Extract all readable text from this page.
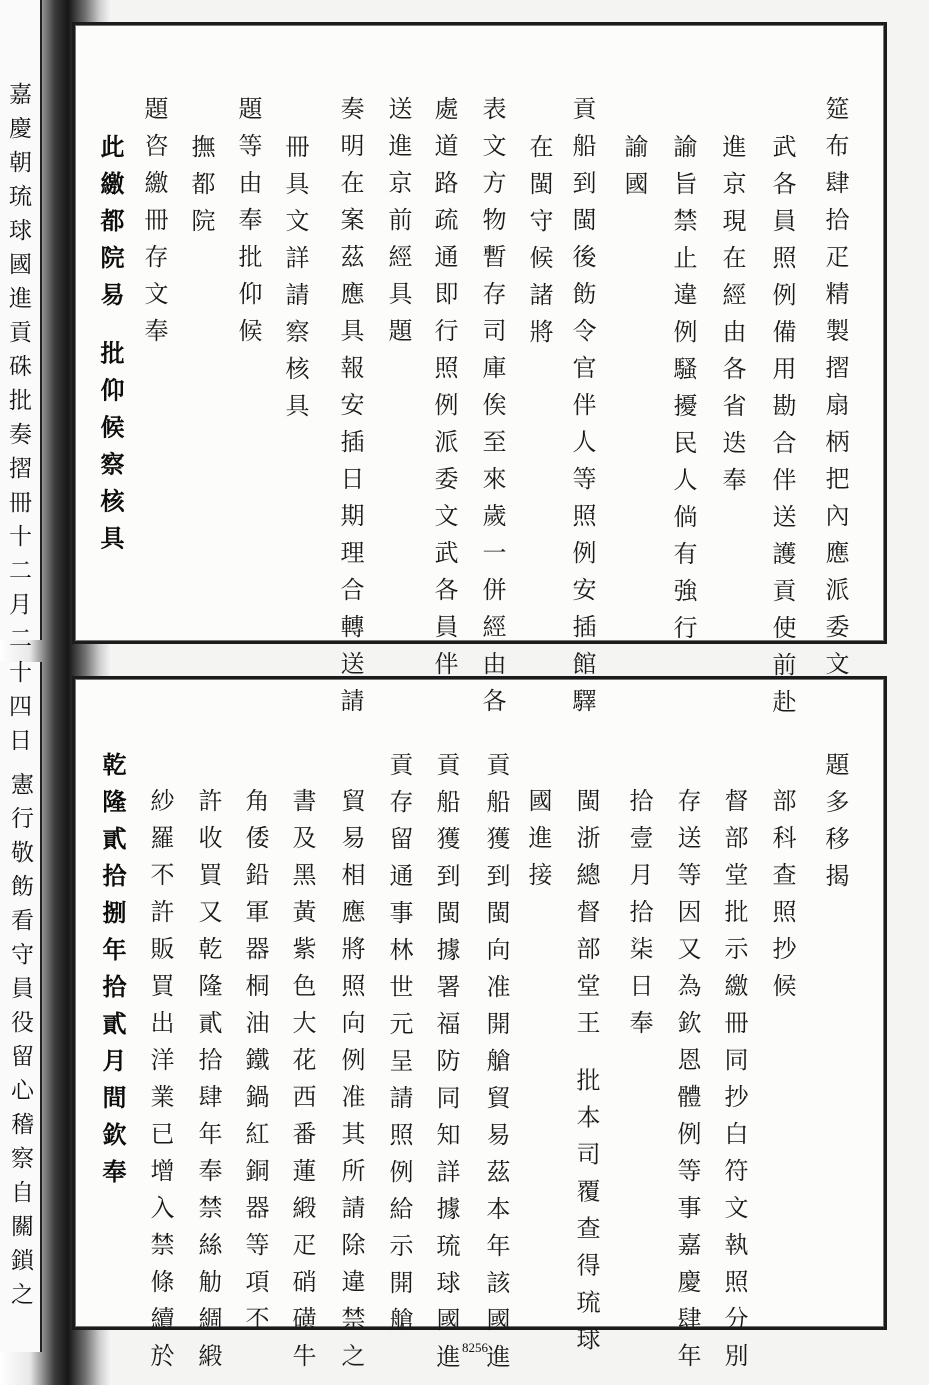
嘉慶朝琉球國進貢硃批奏摺冊十二月二十四日
憲行敬飭看守員役留心稽察自關鎖之
筵布肆拾疋精製摺扇柄把內應派委文
武各員照例備用勘合伴送護貢使前赴
進京現在經由各省迭奉
諭旨禁止違例騷擾民人倘有強行
諭國
貢船到閩後飭令官伴人等照例安插館驛
在閩守候諸將
表文方物暫存司庫俟至來歲一併經由各
處道路疏通即行照例派委文武各員伴
送進京前經具題
奏明在案茲應具報安插日期理合轉送請
冊具文詳請察核具
題等由奉批仰候
撫都院
題咨繳冊存文奉
此繳都院易 批仰候察核具
題多移揭
部科查照抄候
督部堂批示繳冊同抄白符文執照分別
存送等因又為欽恩體例等事嘉慶肆年
拾壹月拾柒日奉
閩浙總督部堂王 批本司覆查得琉球
國進接
貢船獲到閩向准開艙貿易茲本年該國進
貢船獲到閩據署福防同知詳據琉球國進
貢存留通事林世元呈請照例給示開艙
貿易相應將照向例准其所請除違禁之
書及黑黃紫色大花西番蓮緞疋硝磺牛
角倭鉛軍器桐油鐵鍋紅銅器等項不
許收買又乾隆貳拾肆年奉禁絲觔綢緞
紗羅不許販買出洋業已增入禁條續於
乾隆貳拾捌年拾貳月間欽奉
8256
